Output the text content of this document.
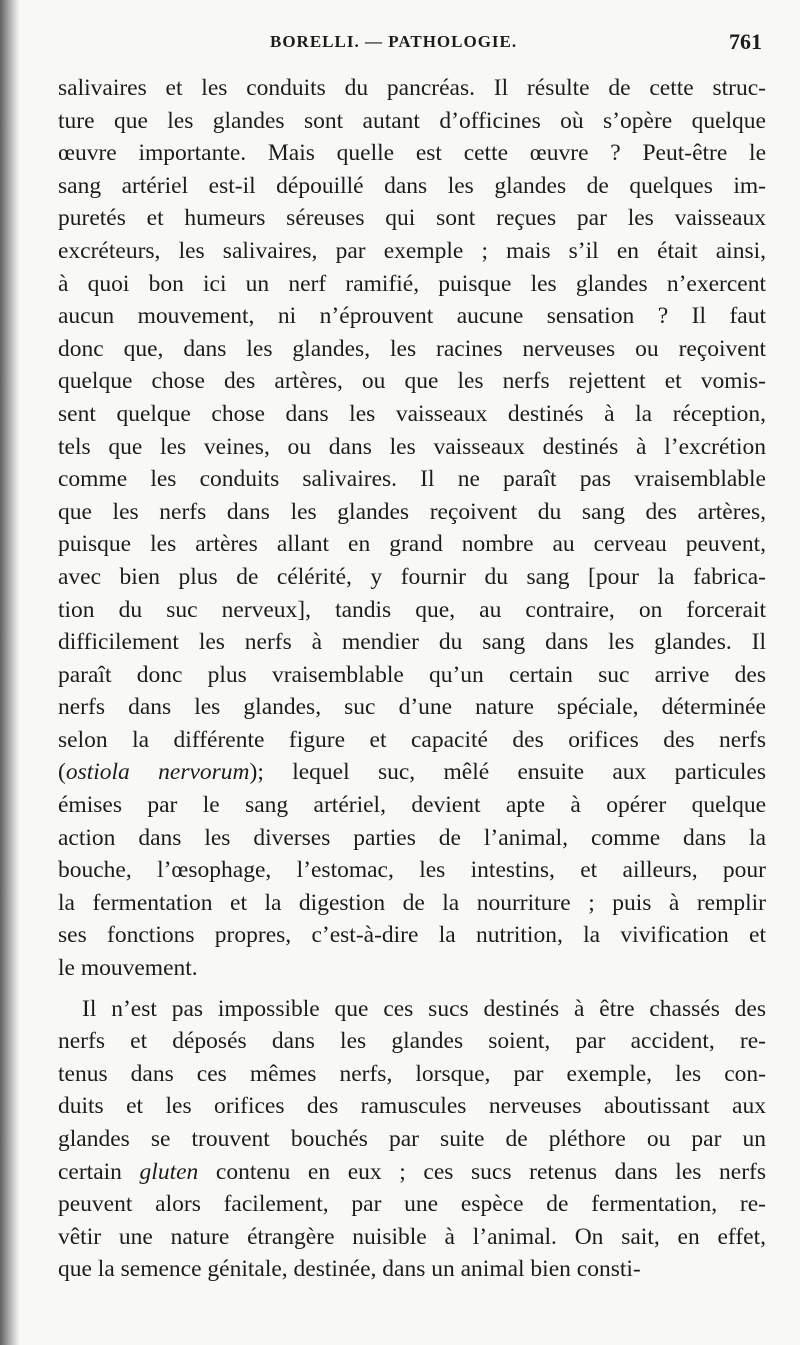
BORELLI. — PATHOLOGIE.	761
salivaires et les conduits du pancréas. Il résulte de cette struc-
ture que les glandes sont autant d’officines où s’opère quelque
œuvre importante. Mais quelle est cette œuvre ? Peut-être le
sang artériel est-il dépouillé dans les glandes de quelques im-
puretés et humeurs séreuses qui sont reçues par les vaisseaux
excréteurs, les salivaires, par exemple ; mais s’il en était ainsi,
à quoi bon ici un nerf ramifié, puisque les glandes n’exercent
aucun mouvement, ni n’éprouvent aucune sensation ? Il faut
donc que, dans les glandes, les racines nerveuses ou reçoivent
quelque chose des artères, ou que les nerfs rejettent et vomis-
sent quelque chose dans les vaisseaux destinés à la réception,
tels que les veines, ou dans les vaisseaux destinés à l’excrétion
comme les conduits salivaires. Il ne paraît pas vraisemblable
que les nerfs dans les glandes reçoivent du sang des artères,
puisque les artères allant en grand nombre au cerveau peuvent,
avec bien plus de célérité, y fournir du sang [pour la fabrica-
tion du suc nerveux], tandis que, au contraire, on forcerait
difficilement les nerfs à mendier du sang dans les glandes. Il
paraît donc plus vraisemblable qu’un certain suc arrive des
nerfs dans les glandes, suc d’une nature spéciale, déterminée
selon la différente figure et capacité des orifices des nerfs
(ostiola nervorum); lequel suc, mêlé ensuite aux particules
émises par le sang artériel, devient apte à opérer quelque
action dans les diverses parties de l’animal, comme dans la
bouche, l’œsophage, l’estomac, les intestins, et ailleurs, pour
la fermentation et la digestion de la nourriture ; puis à remplir
ses fonctions propres, c’est-à-dire la nutrition, la vivification et
le mouvement.
Il n’est pas impossible que ces sucs destinés à être chassés des
nerfs et déposés dans les glandes soient, par accident, re-
tenus dans ces mêmes nerfs, lorsque, par exemple, les con-
duits et les orifices des ramuscules nerveuses aboutissant aux
glandes se trouvent bouchés par suite de pléthore ou par un
certain gluten contenu en eux ; ces sucs retenus dans les nerfs
peuvent alors facilement, par une espèce de fermentation, re-
vêtir une nature étrangère nuisible à l’animal. On sait, en effet,
que la semence génitale, destinée, dans un animal bien consti-
